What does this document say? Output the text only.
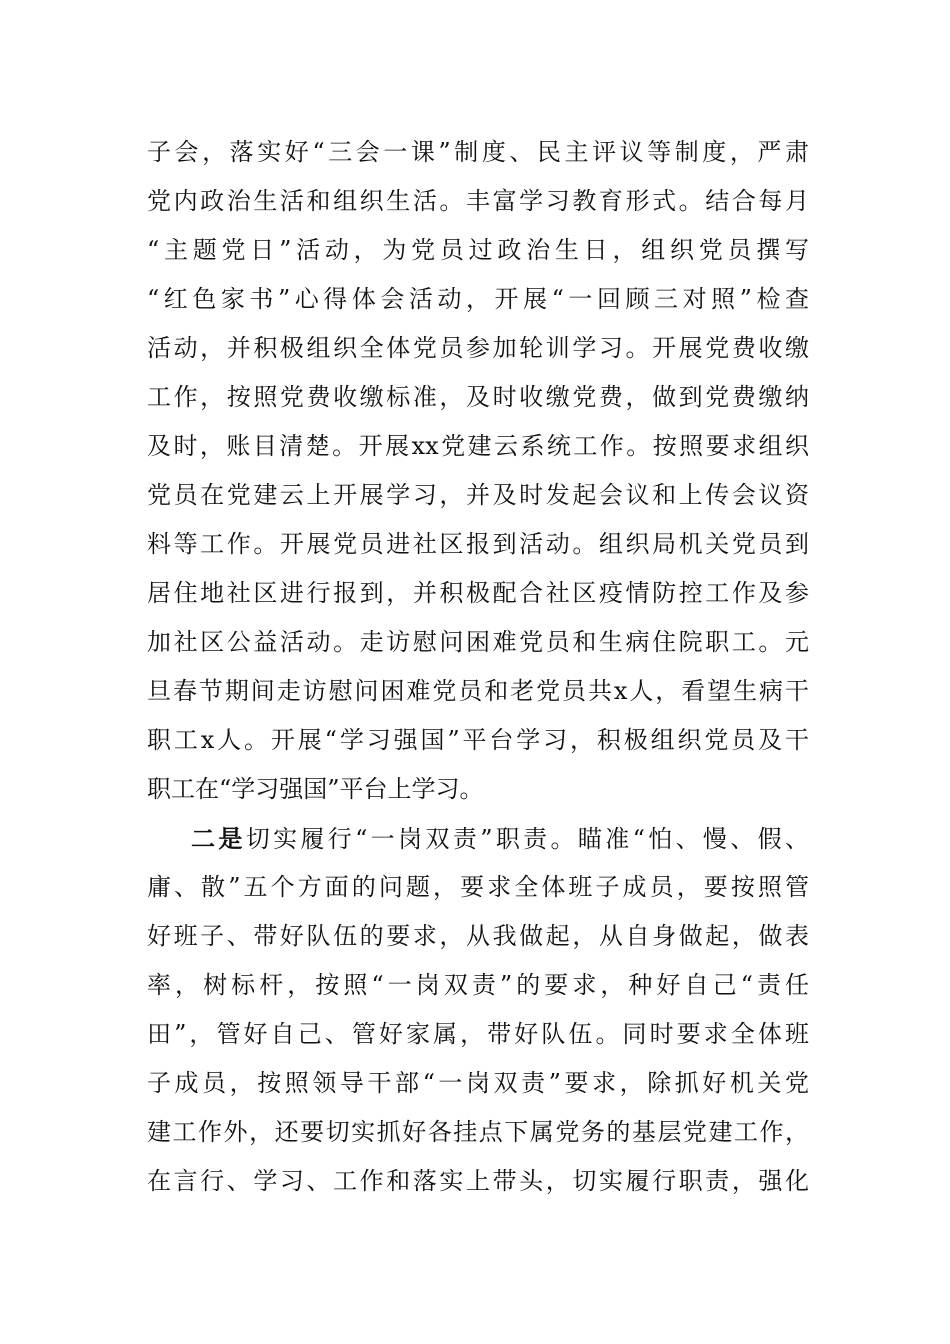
子会，落实好“三会一课”制度、民主评议等制度，严肃
党内政治生活和组织生活。丰富学习教育形式。结合每月
“主题党日”活动，为党员过政治生日，组织党员撰写
“红色家书”心得体会活动，开展“一回顾三对照”检查
活动，并积极组织全体党员参加轮训学习。开展党费收缴
工作，按照党费收缴标准，及时收缴党费，做到党费缴纳
及时，账目清楚。开展xx党建云系统工作。按照要求组织
党员在党建云上开展学习，并及时发起会议和上传会议资
料等工作。开展党员进社区报到活动。组织局机关党员到
居住地社区进行报到，并积极配合社区疫情防控工作及参
加社区公益活动。走访慰问困难党员和生病住院职工。元
旦春节期间走访慰问困难党员和老党员共x人，看望生病干
职工x人。开展“学习强国”平台学习，积极组织党员及干
职工在“学习强国”平台上学习。
二是切实履行“一岗双责”职责。瞄准“怕、慢、假、
庸、散”五个方面的问题，要求全体班子成员，要按照管
好班子、带好队伍的要求，从我做起，从自身做起，做表
率，树标杆，按照“一岗双责”的要求，种好自己“责任
田”，管好自己、管好家属，带好队伍。同时要求全体班
子成员，按照领导干部“一岗双责”要求，除抓好机关党
建工作外，还要切实抓好各挂点下属党务的基层党建工作，
在言行、学习、工作和落实上带头，切实履行职责，强化
